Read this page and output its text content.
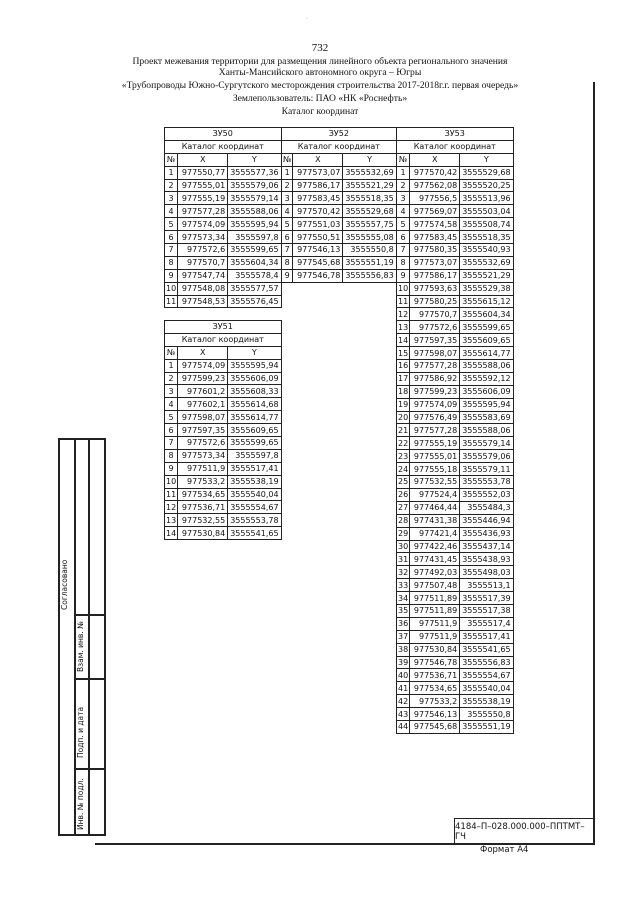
·
732
Проект межевания территории для размещения линейного объекта регионального значения
Ханты-Мансийского автономного округа – Югры
«Трубопроводы Южно-Сургутского месторождения строительства 2017-2018г.г. первая очередь»
Землепользователь: ПАО «НК «Роснефть»
Каталог координат
ЗУ50		
Каталог координат		
№	X	Y
1	977550,77	3555577,36
2	977555,01	3555579,06
3	977555,19	3555579,14
4	977577,28	3555588,06
5	977574,09	3555595,94
6	977573,34	3555597,8
7	977572,6	3555599,65
8	977570,7	3555604,34
9	977547,74	3555578,4
10	977548,08	3555577,57
11	977548,53	3555576,45
ЗУ51		
Каталог координат		
№	X	Y
1	977574,09	3555595,94
2	977599,23	3555606,09
3	977601,2	3555608,33
4	977602,1	3555614,68
5	977598,07	3555614,77
6	977597,35	3555609,65
7	977572,6	3555599,65
8	977573,34	3555597,8
9	977511,9	3555517,41
10	977533,2	3555538,19
11	977534,65	3555540,04
12	977536,71	3555554,67
13	977532,55	3555553,78
14	977530,84	3555541,65
ЗУ52		
Каталог координат		
№	X	Y
1	977573,07	3555532,69
2	977586,17	3555521,29
3	977583,45	3555518,35
4	977570,42	3555529,68
5	977551,03	3555557,75
6	977550,51	3555555,08
7	977546,13	3555550,8
8	977545,68	3555551,19
9	977546,78	3555556,83
ЗУ53		
Каталог координат		
№	X	Y
1	977570,42	3555529,68
2	977562,08	3555520,25
3	977556,5	3555513,96
4	977569,07	3555503,04
5	977574,58	3555508,74
6	977583,45	3555518,35
7	977580,35	3555540,93
8	977573,07	3555532,69
9	977586,17	3555521,29
10	977593,63	3555529,38
11	977580,25	3555615,12
12	977570,7	3555604,34
13	977572,6	3555599,65
14	977597,35	3555609,65
15	977598,07	3555614,77
16	977577,28	3555588,06
17	977586,92	3555592,12
18	977599,23	3555606,09
19	977574,09	3555595,94
20	977576,49	3555583,69
21	977577,28	3555588,06
22	977555,19	3555579,14
23	977555,01	3555579,06
24	977555,18	3555579,11
25	977532,55	3555553,78
26	977524,4	3555552,03
27	977464,44	3555484,3
28	977431,38	3555446,94
29	977421,4	3555436,93
30	977422,46	3555437,14
31	977431,45	3555438,93
32	977492,03	3555498,03
33	977507,48	3555513,1
34	977511,89	3555517,39
35	977511,89	3555517,38
36	977511,9	3555517,4
37	977511,9	3555517,41
38	977530,84	3555541,65
39	977546,78	3555556,83
40	977536,71	3555554,67
41	977534,65	3555540,04
42	977533,2	3555538,19
43	977546,13	3555550,8
44	977545,68	3555551,19
Согласовано
Взам. инв. №
Подп. и дата
Инв. № подл.	4184–П–028.000.000–ППТМТ–ГЧ
Формат А4
